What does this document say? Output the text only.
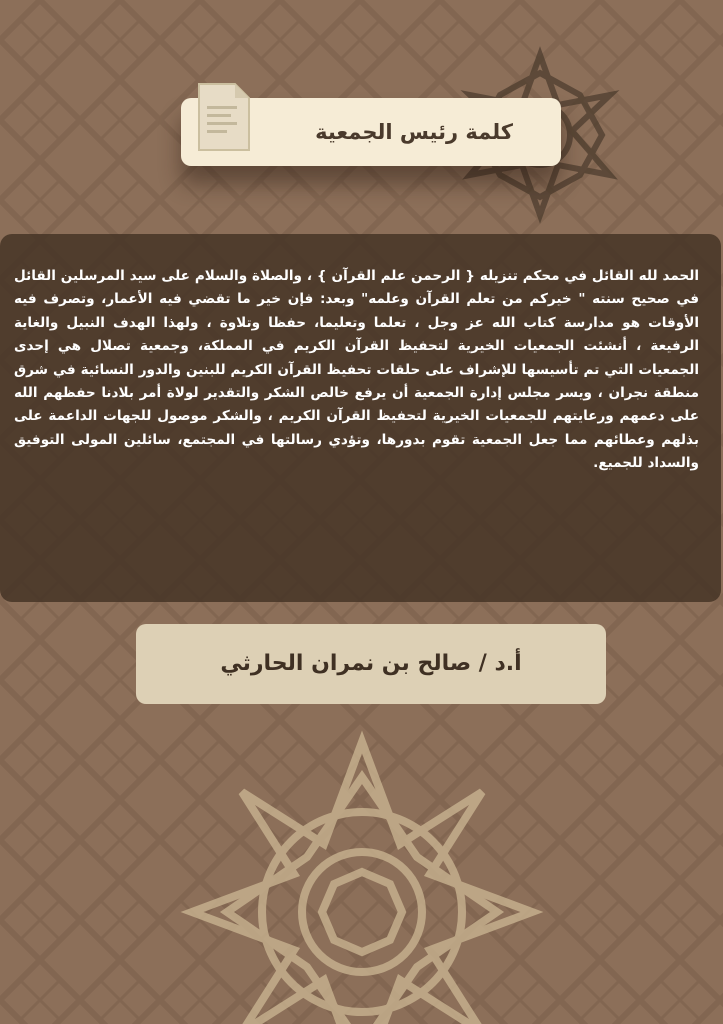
كلمة رئيس الجمعية
الحمد لله القائل في محكم تنزيله { الرحمن علم القرآن } ، والصلاة والسلام على سيد المرسلين القائل في صحيح سنته " خيركم من تعلم القرآن وعلمه" وبعد: فإن خير ما تقضي فيه الأعمار، وتصرف فيه الأوقات هو مدارسة كتاب الله عز وجل ، تعلما وتعليما، حفظا وتلاوة ، ولهذا الهدف النبيل والغاية الرفيعة ، أنشئت الجمعيات الخيرية لتحفيظ القرآن الكريم في المملكة، وجمعية تصلال هي إحدى الجمعيات التي تم تأسيسها للإشراف على حلقات تحفيظ القرآن الكريم للبنين والدور النسائية في شرق منطقة نجران ، ويسر مجلس إدارة الجمعية أن يرفع خالص الشكر والتقدير لولاة أمر بلادنا حفظهم الله على دعمهم ورعايتهم للجمعيات الخيرية لتحفيظ القرآن الكريم ، والشكر موصول للجهات الداعمة على بذلهم وعطائهم مما جعل الجمعية تقوم بدورها، وتؤدي رسالتها في المجتمع، سائلين المولى التوفيق والسداد للجميع.
أ.د / صالح بن نمران الحارثي
